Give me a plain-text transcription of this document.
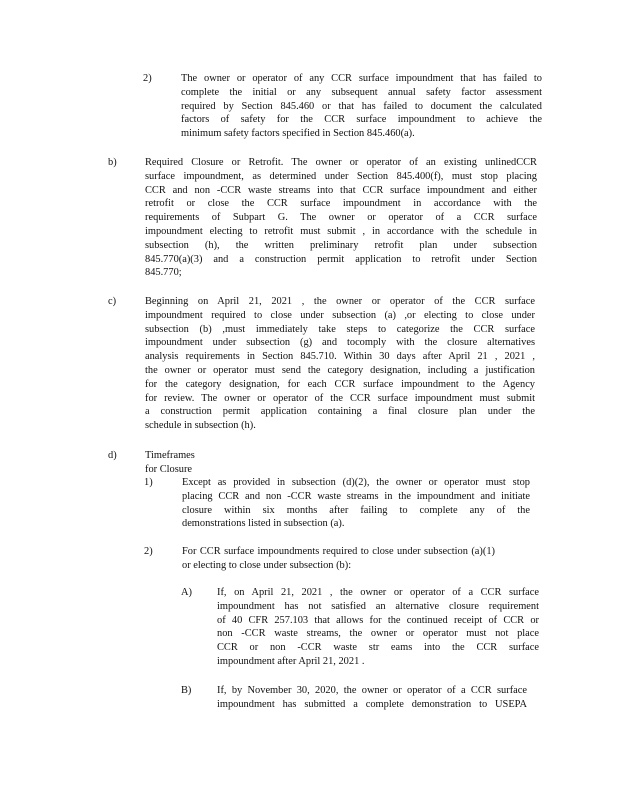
2)	The owner or operator of any CCR surface impoundment that has failed to
complete the initial or any subsequent annual safety factor assessment
required by Section 845.460 or that has failed to document the calculated
factors of safety for the CCR surface impoundment to achieve the
minimum safety factors specified in Section 845.460(a).
b)	Required Closure or Retrofit. The owner or operator of an existing unlinedCCR
surface impoundment, as determined under Section 845.400(f), must stop placing
CCR and non -CCR waste streams into that CCR surface impoundment and either
retrofit or close the CCR surface impoundment in accordance with the
requirements of Subpart G. The owner or operator of a CCR surface
impoundment electing to retrofit must submit , in accordance with the schedule in
subsection (h), the written preliminary retrofit plan under subsection
845.770(a)(3) and a construction permit application to retrofit under Section
845.770;
c)	Beginning on April 21, 2021 , the owner or operator of the CCR surface
impoundment required to close under subsection (a) ,or electing to close under
subsection (b) ,must immediately take steps to categorize the CCR surface
impoundment under subsection (g) and tocomply with the closure alternatives
analysis requirements in Section 845.710. Within 30 days after April 21 , 2021 ,
the owner or operator must send the category designation, including a justification
for the category designation, for each CCR surface impoundment to the Agency
for review. The owner or operator of the CCR surface impoundment must submit
a construction permit application containing a final closure plan under the
schedule in subsection (h).
d)	Timeframes for Closure
1)	Except as provided in subsection (d)(2), the owner or operator must stop
placing CCR and non -CCR waste streams in the impoundment and initiate
closure within six months after failing to complete any of the
demonstrations listed in subsection (a).
2)	For CCR surface impoundments required to close under subsection (a)(1)
or electing to close under subsection (b):
A) If, on April 21, 2021 , the owner or operator of a CCR surface
impoundment has not satisfied an alternative closure requirement
of 40 CFR 257.103 that allows for the continued receipt of CCR or
non -CCR waste streams, the owner or operator must not place
CCR or non -CCR waste str eams into the CCR surface
impoundment after April 21, 2021 .
B) If, by November 30, 2020, the owner or operator of a CCR surface
impoundment has submitted a complete demonstration to USEPA
